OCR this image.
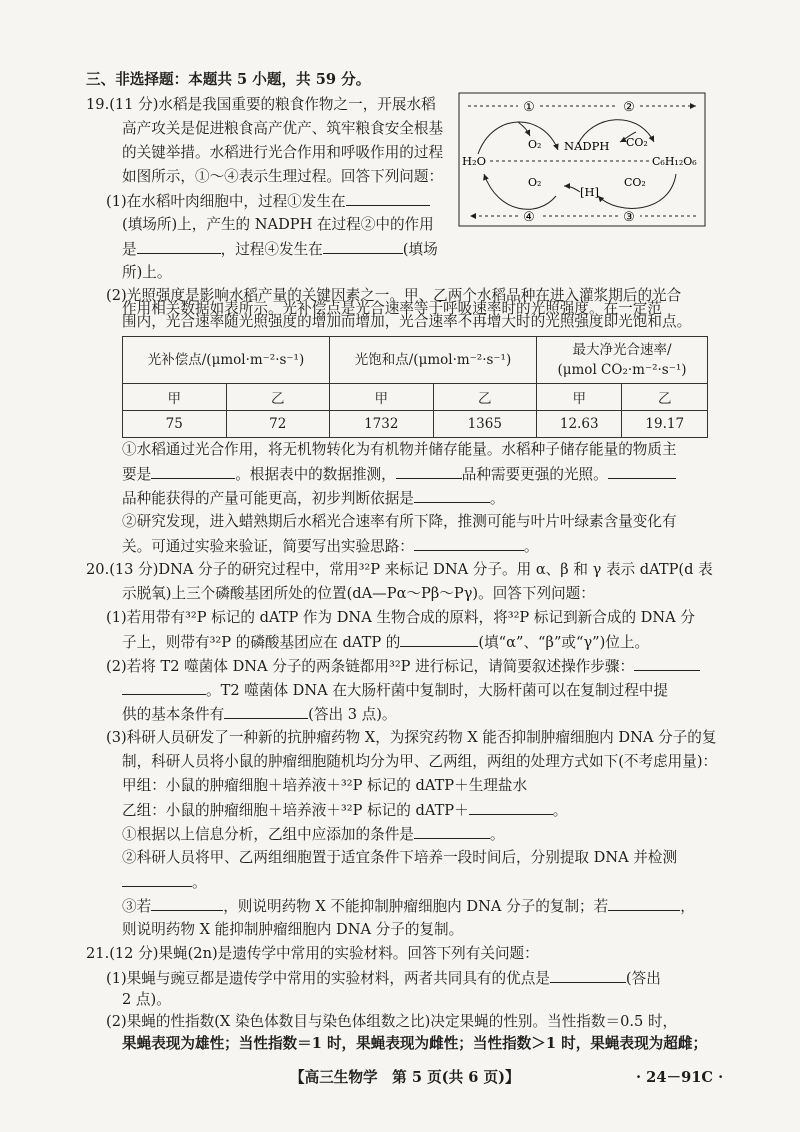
三、非选择题：本题共 5 小题，共 59 分。
19.(11 分)水稻是我国重要的粮食作物之一，开展水稻
高产攻关是促进粮食高产优产、筑牢粮食安全根基
的关键举措。水稻进行光合作用和呼吸作用的过程
如图所示，①～④表示生理过程。回答下列问题：
(1)在水稻叶肉细胞中，过程①发生在
(填场所)上，产生的 NADPH 在过程②中的作用
是	，过程④发生在	(填场
所)上。
①	②
O₂ NADPH CO₂
H₂O	C₆H₁₂O₆
O₂
[H]
CO₂
④	③
(2)光照强度是影响水稻产量的关键因素之一。甲、乙两个水稻品种在进入灌浆期后的光合
作用相关数据如表所示。光补偿点是光合速率等于呼吸速率时的光照强度。在一定范
围内，光合速率随光照强度的增加而增加，光合速率不再增大时的光照强度即光饱和点。
光补偿点/(μmol·m⁻²·s⁻¹)		光饱和点/(μmol·m⁻²·s⁻¹)		最大净光合速率/
(μmol CO₂·m⁻²·s⁻¹)	
甲	乙	甲	乙	甲	乙
75	72	1732	1365	12.63	19.17
①水稻通过光合作用，将无机物转化为有机物并储存能量。水稻种子储存能量的物质主
要是	。根据表中的数据推测，	品种需要更强的光照。
品种能获得的产量可能更高，初步判断依据是	。
②研究发现，进入蜡熟期后水稻光合速率有所下降，推测可能与叶片叶绿素含量变化有
关。可通过实验来验证，简要写出实验思路：	。
20.(13 分)DNA 分子的研究过程中，常用³²P 来标记 DNA 分子。用 α、β 和 γ 表示 dATP(d 表
示脱氧)上三个磷酸基团所处的位置(dA—Pα～Pβ～Pγ)。回答下列问题：
(1)若用带有³²P 标记的 dATP 作为 DNA 生物合成的原料，将³²P 标记到新合成的 DNA 分
子上，则带有³²P 的磷酸基团应在 dATP 的	(填“α”、“β”或“γ”)位上。
(2)若将 T2 噬菌体 DNA 分子的两条链都用³²P 进行标记，请简要叙述操作步骤：
。T2 噬菌体 DNA 在大肠杆菌中复制时，大肠杆菌可以在复制过程中提
供的基本条件有	(答出 3 点)。
(3)科研人员研发了一种新的抗肿瘤药物 X，为探究药物 X 能否抑制肿瘤细胞内 DNA 分子的复
制，科研人员将小鼠的肿瘤细胞随机均分为甲、乙两组，两组的处理方式如下(不考虑用量)：
甲组：小鼠的肿瘤细胞＋培养液＋³²P 标记的 dATP＋生理盐水
乙组：小鼠的肿瘤细胞＋培养液＋³²P 标记的 dATP＋	。
①根据以上信息分析，乙组中应添加的条件是	。
②科研人员将甲、乙两组细胞置于适宜条件下培养一段时间后，分别提取 DNA 并检测
。
③若	，则说明药物 X 不能抑制肿瘤细胞内 DNA 分子的复制；若	，
则说明药物 X 能抑制肿瘤细胞内 DNA 分子的复制。
21.(12 分)果蝇(2n)是遗传学中常用的实验材料。回答下列有关问题：
(1)果蝇与豌豆都是遗传学中常用的实验材料，两者共同具有的优点是	(答出
2 点)。
(2)果蝇的性指数(X 染色体数目与染色体组数之比)决定果蝇的性别。当性指数＝0.5 时，
果蝇表现为雄性；当性指数＝1 时，果蝇表现为雌性；当性指数＞1 时，果蝇表现为超雌；
【高三生物学　第 5 页(共 6 页)】	· 24－91C ·
